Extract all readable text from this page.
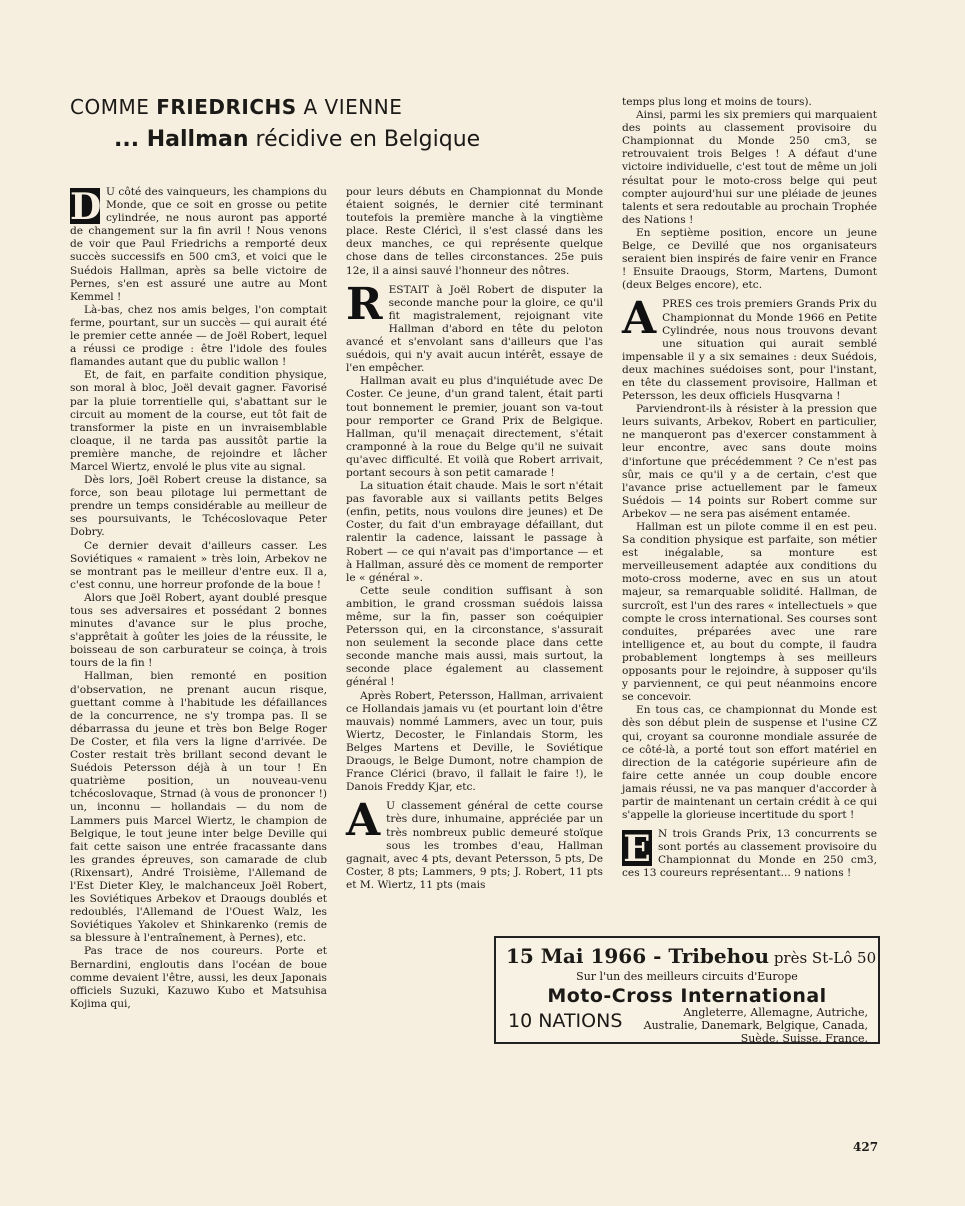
COMME FRIEDRICHS A VIENNE
... Hallman récidive en Belgique

D U côté des vainqueurs, les champions du Monde, que ce soit en grosse ou petite cylindrée, ne nous auront pas apporté de changement sur la fin avril ! Nous venons de voir que Paul Friedrichs a remporté deux succès successifs en 500 cm3, et voici que le Suédois Hallman, après sa belle victoire de Pernes, s'en est assuré une autre au Mont Kemmel !

Là-bas, chez nos amis belges, l'on comptait ferme, pourtant, sur un succès — qui aurait été le premier cette année — de Joël Robert, lequel a réussi ce prodige : être l'idole des foules flamandes autant que du public wallon !

Et, de fait, en parfaite condition physique, son moral à bloc, Joël devait gagner. Favorisé par la pluie torrentielle qui, s'abattant sur le circuit au moment de la course, eut tôt fait de transformer la piste en un invraisemblable cloaque, il ne tarda pas aussitôt partie la première manche, de rejoindre et lâcher Marcel Wiertz, envolé le plus vite au signal.

Dès lors, Joël Robert creuse la distance, sa force, son beau pilotage lui permettant de prendre un temps considérable au meilleur de ses poursuivants, le Tchécoslovaque Peter Dobry.

Ce dernier devait d'ailleurs casser. Les Soviétiques « ramaient » très loin, Arbekov ne se montrant pas le meilleur d'entre eux. Il a, c'est connu, une horreur profonde de la boue !

Alors que Joël Robert, ayant doublé presque tous ses adversaires et possédant 2 bonnes minutes d'avance sur le plus proche, s'apprêtait à goûter les joies de la réussite, le boisseau de son carburateur se coinça, à trois tours de la fin !

Hallman, bien remonté en position d'observation, ne prenant aucun risque, guettant comme à l'habitude les défaillances de la concurrence, ne s'y trompa pas. Il se débarrassa du jeune et très bon Belge Roger De Coster, et fila vers la ligne d'arrivée. De Coster restait très brillant second devant le Suédois Petersson déjà à un tour ! En quatrième position, un nouveau-venu tchécoslovaque, Strnad (à vous de prononcer !) un, inconnu — hollandais — du nom de Lammers puis Marcel Wiertz, le champion de Belgique, le tout jeune inter belge Deville qui fait cette saison une entrée fracassante dans les grandes épreuves, son camarade de club (Rixensart), André Troisième, l'Allemand de l'Est Dieter Kley, le malchanceux Joël Robert, les Soviétiques Arbekov et Draougs doublés et redoublés, l'Allemand de l'Ouest Walz, les Soviétiques Yakolev et Shinkarenko (remis de sa blessure à l'entraînement, à Pernes), etc.

Pas trace de nos coureurs. Porte et Bernardini, engloutis dans l'océan de boue comme devaient l'être, aussi, les deux Japonais officiels Suzuki, Kazuwo Kubo et Matsuhisa Kojima qui,

pour leurs débuts en Championnat du Monde étaient soignés, le dernier cité terminant toutefois la première manche à la vingtième place. Reste Cléricì, il s'est classé dans les deux manches, ce qui représente quelque chose dans de telles circonstances. 25e puis 12e, il a ainsi sauvé l'honneur des nôtres.

RESTAIT à Joël Robert de disputer la seconde manche pour la gloire, ce qu'il fit magistralement, rejoignant vite Hallman d'abord en tête du peloton avancé et s'envolant sans d'ailleurs que l'as suédois, qui n'y avait aucun intérêt, essaye de l'en empêcher.

Hallman avait eu plus d'inquiétude avec De Coster. Ce jeune, d'un grand talent, était parti tout bonnement le premier, jouant son va-tout pour remporter ce Grand Prix de Belgique. Hallman, qu'il menaçait directement, s'était cramponné à la roue du Belge qu'il ne suivait qu'avec difficulté. Et voilà que Robert arrivait, portant secours à son petit camarade !

La situation était chaude. Mais le sort n'était pas favorable aux si vaillants petits Belges (enfin, petits, nous voulons dire jeunes) et De Coster, du fait d'un embrayage défaillant, dut ralentir la cadence, laissant le passage à Robert — ce qui n'avait pas d'importance — et à Hallman, assuré dès ce moment de remporter le « général ».

Cette seule condition suffisant à son ambition, le grand crossman suédois laissa même, sur la fin, passer son coéquipier Petersson qui, en la circonstance, s'assurait non seulement la seconde place dans cette seconde manche mais aussi, mais surtout, la seconde place également au classement général !

Après Robert, Petersson, Hallman, arrivaient ce Hollandais jamais vu (et pourtant loin d'être mauvais) nommé Lammers, avec un tour, puis Wiertz, Decoster, le Finlandais Storm, les Belges Martens et Deville, le Soviétique Draougs, le Belge Dumont, notre champion de France Clérici (bravo, il fallait le faire !), le Danois Freddy Kjar, etc.

A U classement général de cette course très dure, inhumaine, appréciée par un très nombreux public demeuré stoïque sous les trombes d'eau, Hallman gagnait, avec 4 pts, devant Petersson, 5 pts, De Coster, 8 pts; Lammers, 9 pts; J. Robert, 11 pts et M. Wiertz, 11 pts (mais

temps plus long et moins de tours).

Ainsi, parmi les six premiers qui marquaient des points au classement provisoire du Championnat du Monde 250 cm3, se retrouvaient trois Belges ! A défaut d'une victoire individuelle, c'est tout de même un joli résultat pour le moto-cross belge qui peut compter aujourd'hui sur une pléiade de jeunes talents et sera redoutable au prochain Trophée des Nations !

En septième position, encore un jeune Belge, ce Devillé que nos organisateurs seraient bien inspirés de faire venir en France ! Ensuite Draougs, Storm, Martens, Dumont (deux Belges encore), etc.

APRES ces trois premiers Grands Prix du Championnat du Monde 1966 en Petite Cylindrée, nous nous trouvons devant une situation qui aurait semblé impensable il y a six semaines : deux Suédois, deux machines suédoises sont, pour l'instant, en tête du classement provisoire, Hallman et Petersson, les deux officiels Husqvarna !

Parviendront-ils à résister à la pression que leurs suivants, Arbekov, Robert en particulier, ne manqueront pas d'exercer constamment à leur encontre, avec sans doute moins d'infortune que précédemment ? Ce n'est pas sûr, mais ce qu'il y a de certain, c'est que l'avance prise actuellement par le fameux Suédois — 14 points sur Robert comme sur Arbekov — ne sera pas aisément entamée.

Hallman est un pilote comme il en est peu. Sa condition physique est parfaite, son métier est inégalable, sa monture est merveilleusement adaptée aux conditions du moto-cross moderne, avec en sus un atout majeur, sa remarquable solidité. Hallman, de surcroît, est l'un des rares « intellectuels » que compte le cross international. Ses courses sont conduites, préparées avec une rare intelligence et, au bout du compte, il faudra probablement longtemps à ses meilleurs opposants pour le rejoindre, à supposer qu'ils y parviennent, ce qui peut néanmoins encore se concevoir.

En tous cas, ce championnat du Monde est dès son début plein de suspense et l'usine CZ qui, croyant sa couronne mondiale assurée de ce côté-là, a porté tout son effort matériel en direction de la catégorie supérieure afin de faire cette année un coup double encore jamais réussi, ne va pas manquer d'accorder à partir de maintenant un certain crédit à ce qui s'appelle la glorieuse incertitude du sport !

E N trois Grands Prix, 13 concurrents se sont portés au classement provisoire du Championnat du Monde en 250 cm3, ces 13 coureurs représentant... 9 nations !

15 Mai 1966 - Tribehou près St-Lô 50
Sur l'un des meilleurs circuits d'Europe
Moto-Cross International
10 NATIONS	Angleterre, Allemagne, Autriche, Australie, Danemark, Belgique, Canada, Suède, Suisse, France.
427
